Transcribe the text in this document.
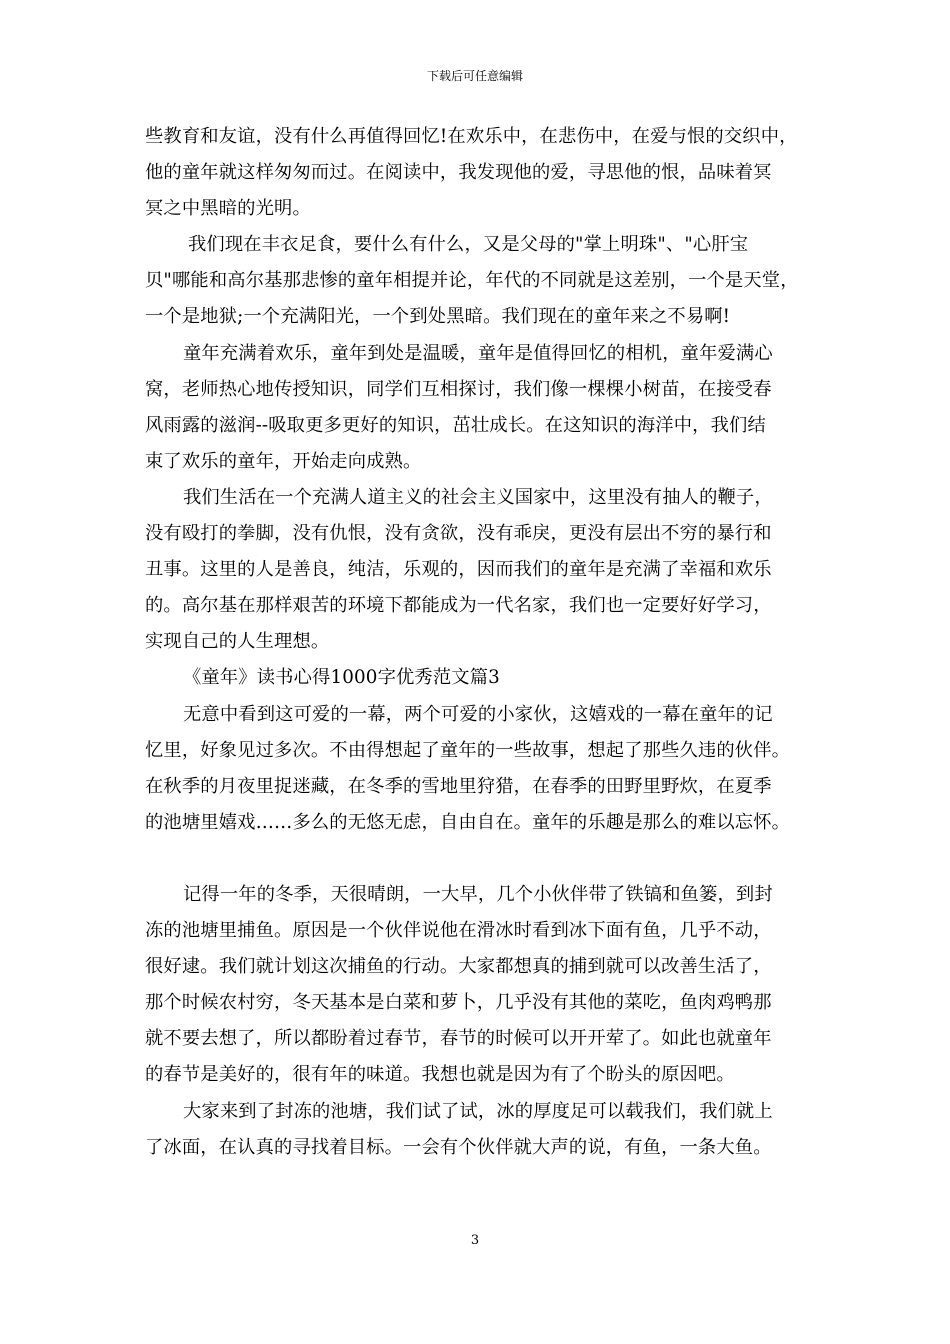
下载后可任意编辑

些教育和友谊，没有什么再值得回忆!在欢乐中，在悲伤中，在爱与恨的交织中，
他的童年就这样匆匆而过。在阅读中，我发现他的爱，寻思他的恨，品味着冥
冥之中黑暗的光明。

我们现在丰衣足食，要什么有什么，又是父母的"掌上明珠"、"心肝宝
贝"哪能和高尔基那悲惨的童年相提并论，年代的不同就是这差别，一个是天堂，
一个是地狱;一个充满阳光，一个到处黑暗。我们现在的童年来之不易啊!

童年充满着欢乐，童年到处是温暖，童年是值得回忆的相机，童年爱满心
窝，老师热心地传授知识，同学们互相探讨，我们像一棵棵小树苗，在接受春
风雨露的滋润--吸取更多更好的知识，茁壮成长。在这知识的海洋中，我们结
束了欢乐的童年，开始走向成熟。

我们生活在一个充满人道主义的社会主义国家中，这里没有抽人的鞭子，
没有殴打的拳脚，没有仇恨，没有贪欲，没有乖戾，更没有层出不穷的暴行和
丑事。这里的人是善良，纯洁，乐观的，因而我们的童年是充满了幸福和欢乐
的。高尔基在那样艰苦的环境下都能成为一代名家，我们也一定要好好学习，
实现自己的人生理想。

《童年》读书心得1000字优秀范文篇3

无意中看到这可爱的一幕，两个可爱的小家伙，这嬉戏的一幕在童年的记
忆里，好象见过多次。不由得想起了童年的一些故事，想起了那些久违的伙伴。
在秋季的月夜里捉迷藏，在冬季的雪地里狩猎，在春季的田野里野炊，在夏季
的池塘里嬉戏……多么的无悠无虑，自由自在。童年的乐趣是那么的难以忘怀。

记得一年的冬季，天很晴朗，一大早，几个小伙伴带了铁镐和鱼篓，到封
冻的池塘里捕鱼。原因是一个伙伴说他在滑冰时看到冰下面有鱼，几乎不动，
很好逮。我们就计划这次捕鱼的行动。大家都想真的捕到就可以改善生活了，
那个时候农村穷，冬天基本是白菜和萝卜，几乎没有其他的菜吃，鱼肉鸡鸭那
就不要去想了，所以都盼着过春节，春节的时候可以开开荤了。如此也就童年
的春节是美好的，很有年的味道。我想也就是因为有了个盼头的原因吧。

大家来到了封冻的池塘，我们试了试，冰的厚度足可以载我们，我们就上
了冰面，在认真的寻找着目标。一会有个伙伴就大声的说，有鱼，一条大鱼。

3
